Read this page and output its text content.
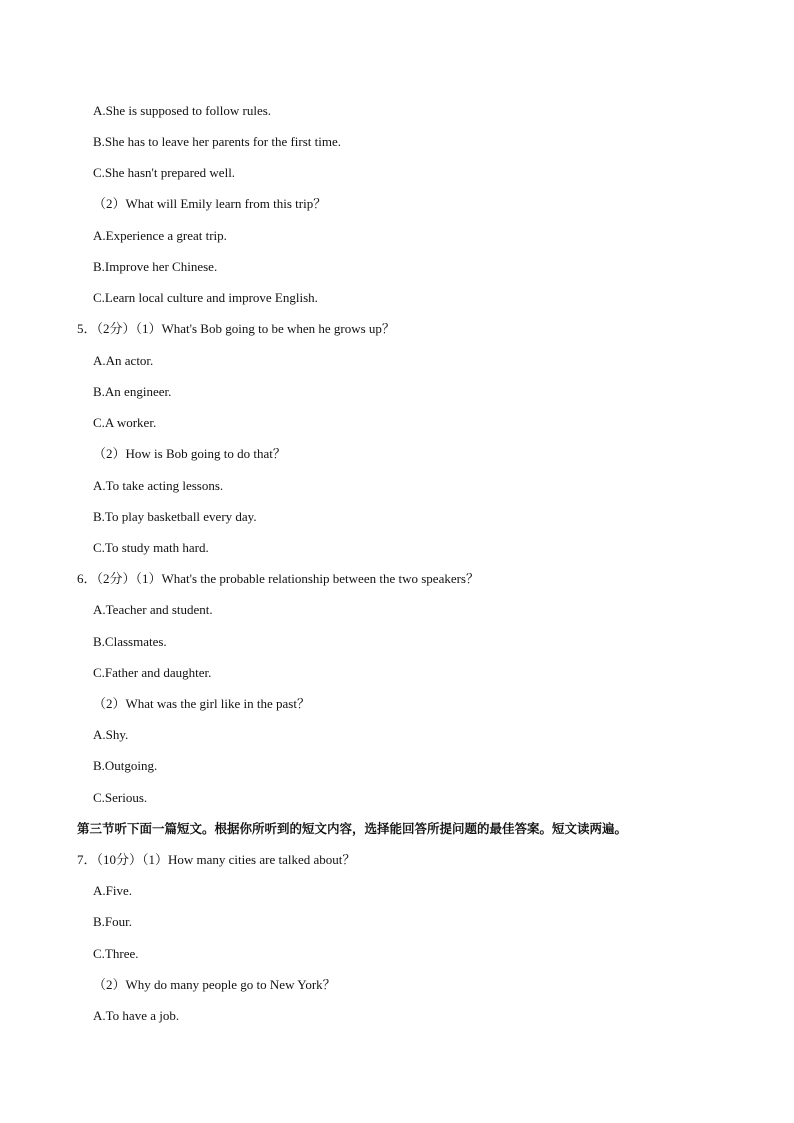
A.She is supposed to follow rules.
B.She has to leave her parents for the first time.
C.She hasn't prepared well.
（2）What will Emily learn from this trip？
A.Experience a great trip.
B.Improve her Chinese.
C.Learn local culture and improve English.
5．（2分）（1）What's Bob going to be when he grows up？
A.An actor.
B.An engineer.
C.A worker.
（2）How is Bob going to do that？
A.To take acting lessons.
B.To play basketball every day.
C.To study math hard.
6．（2分）（1）What's the probable relationship between the two speakers？
A.Teacher and student.
B.Classmates.
C.Father and daughter.
（2）What was the girl like in the past？
A.Shy.
B.Outgoing.
C.Serious.
第三节听下面一篇短文。根据你所听到的短文内容，选择能回答所提问题的最佳答案。短文读两遍。
7．（10分）（1）How many cities are talked about？
A.Five.
B.Four.
C.Three.
（2）Why do many people go to New York？
A.To have a job.
